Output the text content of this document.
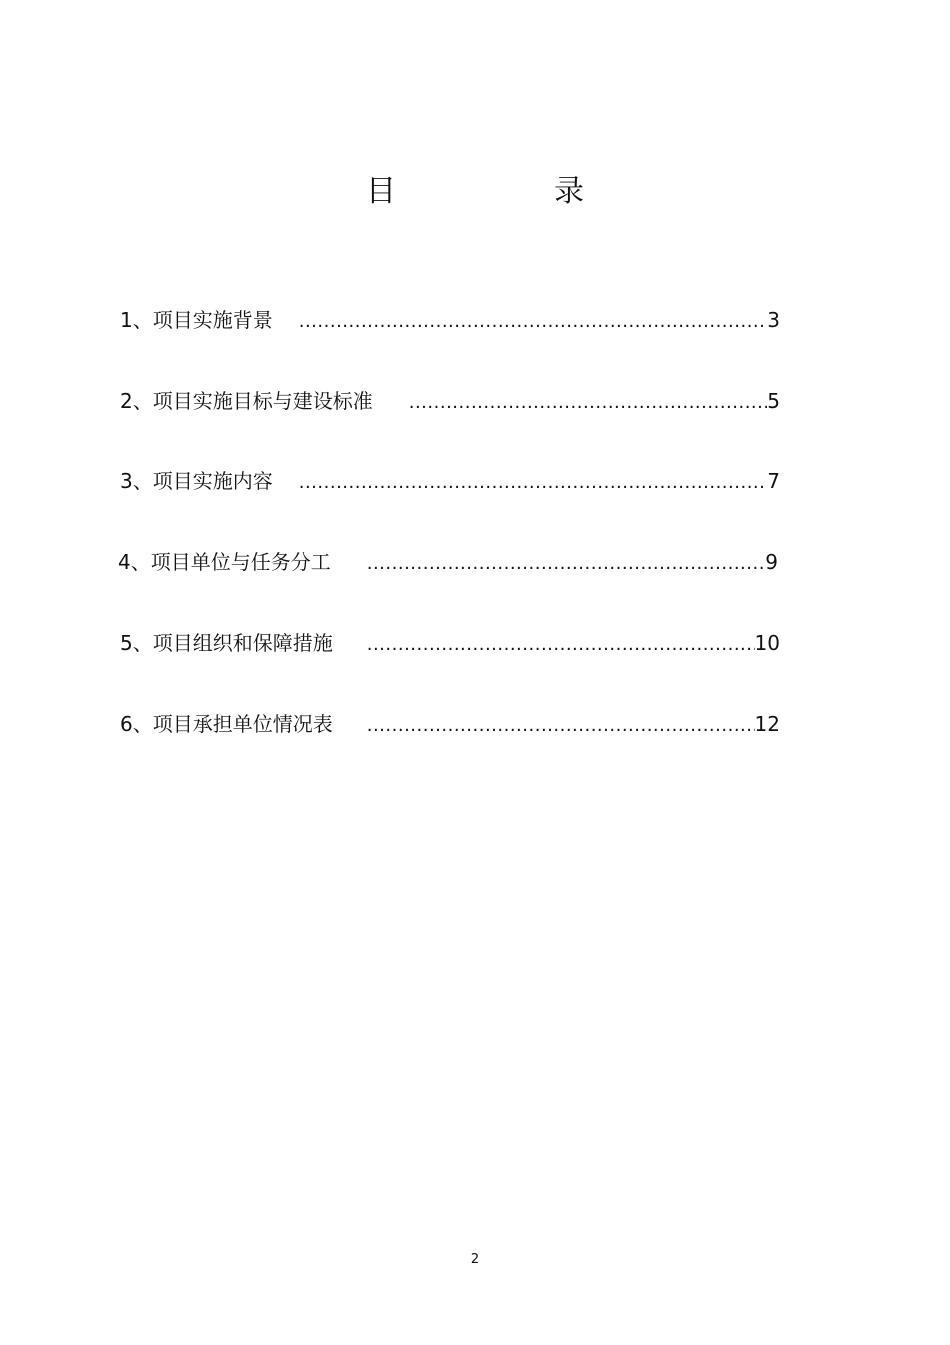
目　录
1、项目实施背景 .....	3
2、项目实施目标与建设标准 .....	5
3、项目实施内容 .....	7
4、项目单位与任务分工 .....	9
5、项目组织和保障措施 .....	10
6、项目承担单位情况表 .....	12
2
